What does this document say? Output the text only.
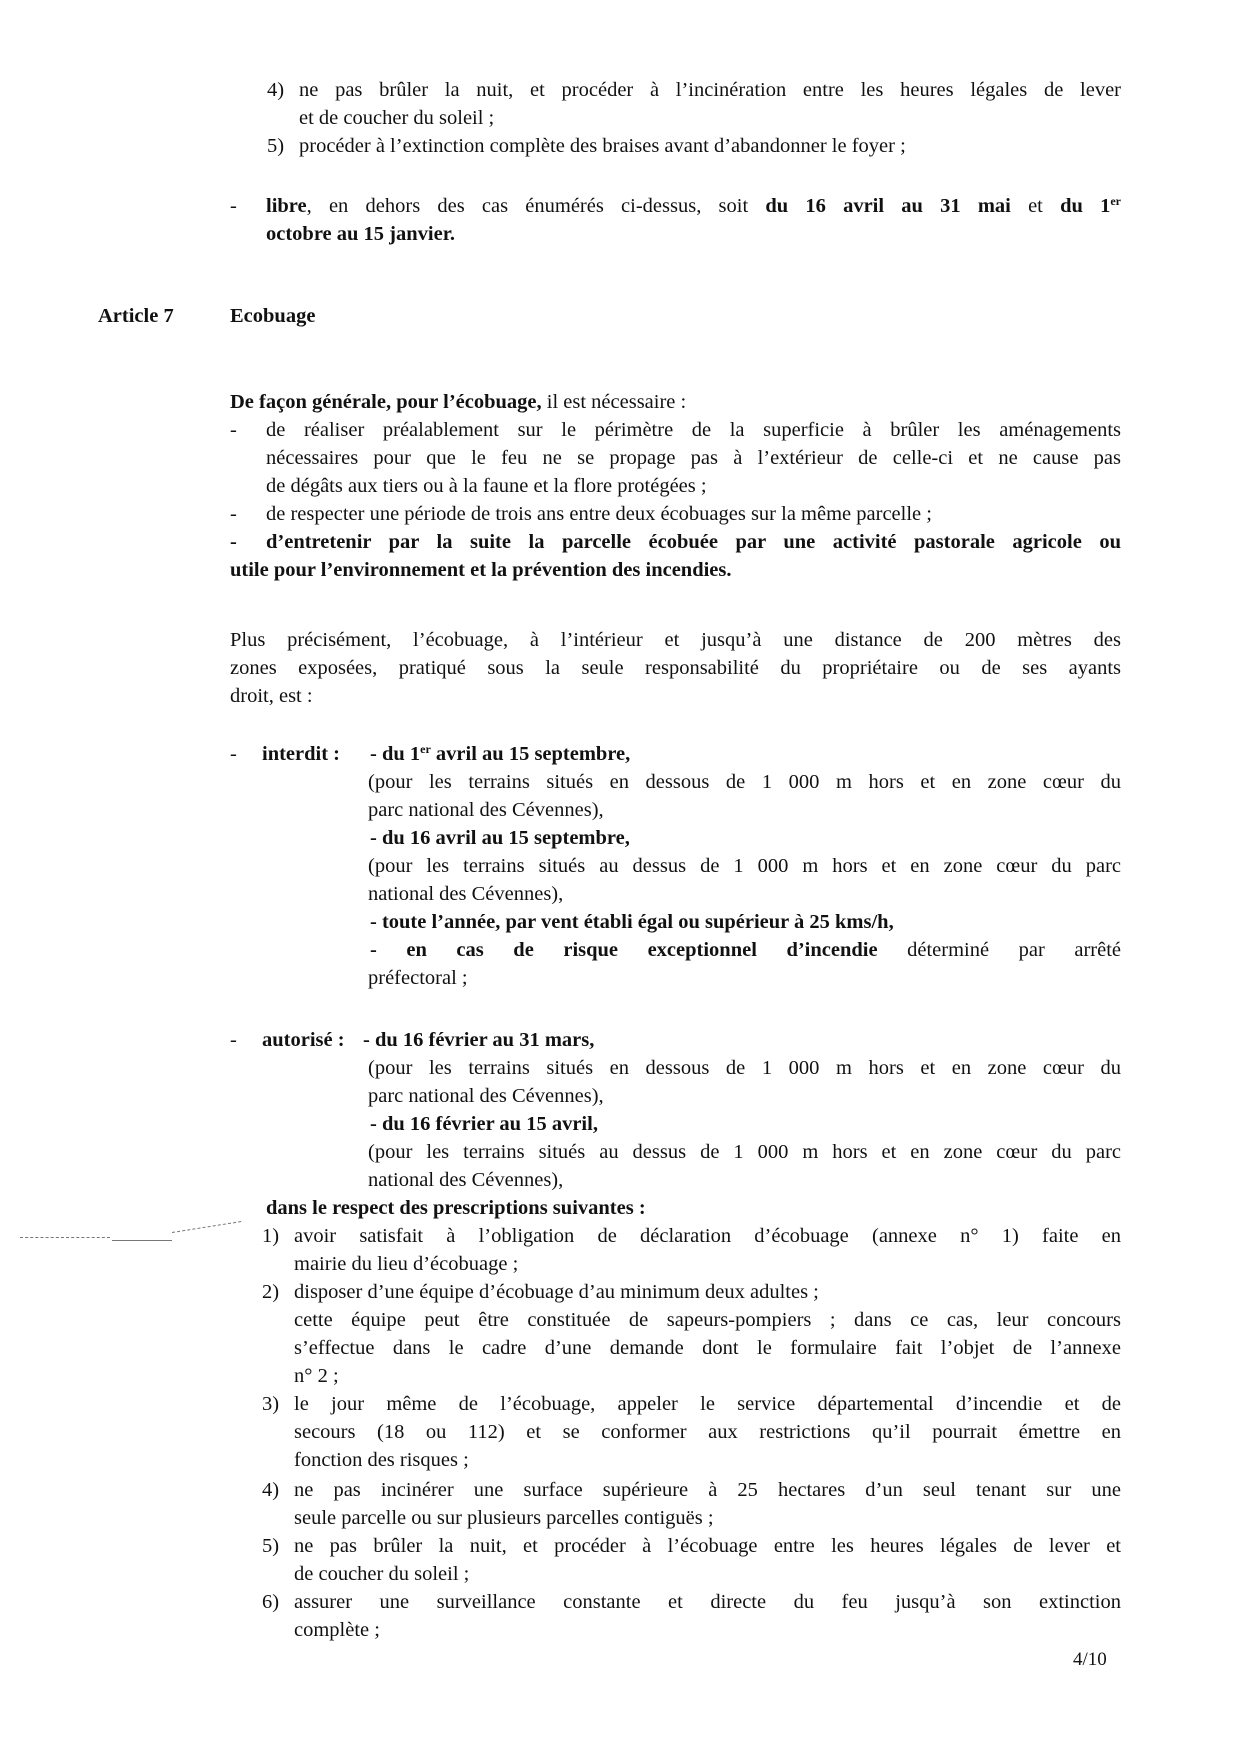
4) ne pas brûler la nuit, et procéder à l’incinération entre les heures légales de lever
et de coucher du soleil ;
5) procéder à l’extinction complète des braises avant d’abandonner le foyer ;
- libre, en dehors des cas énumérés ci-dessus, soit du 16 avril au 31 mai et du 1er
octobre au 15 janvier.
Article 7	Ecobuage
De façon générale, pour l’écobuage, il est nécessaire :
- de réaliser préalablement sur le périmètre de la superficie à brûler les aménagements
nécessaires pour que le feu ne se propage pas à l’extérieur de celle-ci et ne cause pas
de dégâts aux tiers ou à la faune et la flore protégées ;
- de respecter une période de trois ans entre deux écobuages sur la même parcelle ;
- d’entretenir par la suite la parcelle écobuée par une activité pastorale agricole ou
utile pour l’environnement et la prévention des incendies.
Plus précisément, l’écobuage, à l’intérieur et jusqu’à une distance de 200 mètres des
zones exposées, pratiqué sous la seule responsabilité du propriétaire ou de ses ayants
droit, est :
- interdit : - du 1er avril au 15 septembre,
(pour les terrains situés en dessous de 1 000 m hors et en zone cœur du
parc national des Cévennes),
- du 16 avril au 15 septembre,
(pour les terrains situés au dessus de 1 000 m hors et en zone cœur du parc
national des Cévennes),
- toute l’année, par vent établi égal ou supérieur à 25 kms/h,
- en cas de risque exceptionnel d’incendie déterminé par arrêté
préfectoral ;
- autorisé : - du 16 février au 31 mars,
(pour les terrains situés en dessous de 1 000 m hors et en zone cœur du
parc national des Cévennes),
- du 16 février au 15 avril,
(pour les terrains situés au dessus de 1 000 m hors et en zone cœur du parc
national des Cévennes),
dans le respect des prescriptions suivantes :
1) avoir satisfait à l’obligation de déclaration d’écobuage (annexe n° 1) faite en
mairie du lieu d’écobuage ;
2) disposer d’une équipe d’écobuage d’au minimum deux adultes ;
cette équipe peut être constituée de sapeurs-pompiers ; dans ce cas, leur concours
s’effectue dans le cadre d’une demande dont le formulaire fait l’objet de l’annexe
n° 2 ;
3) le jour même de l’écobuage, appeler le service départemental d’incendie et de
secours (18 ou 112) et se conformer aux restrictions qu’il pourrait émettre en
fonction des risques ;
4) ne pas incinérer une surface supérieure à 25 hectares d’un seul tenant sur une
seule parcelle ou sur plusieurs parcelles contiguës ;
5) ne pas brûler la nuit, et procéder à l’écobuage entre les heures légales de lever et
de coucher du soleil ;
6) assurer une surveillance constante et directe du feu jusqu’à son extinction
complète ;
4/10
